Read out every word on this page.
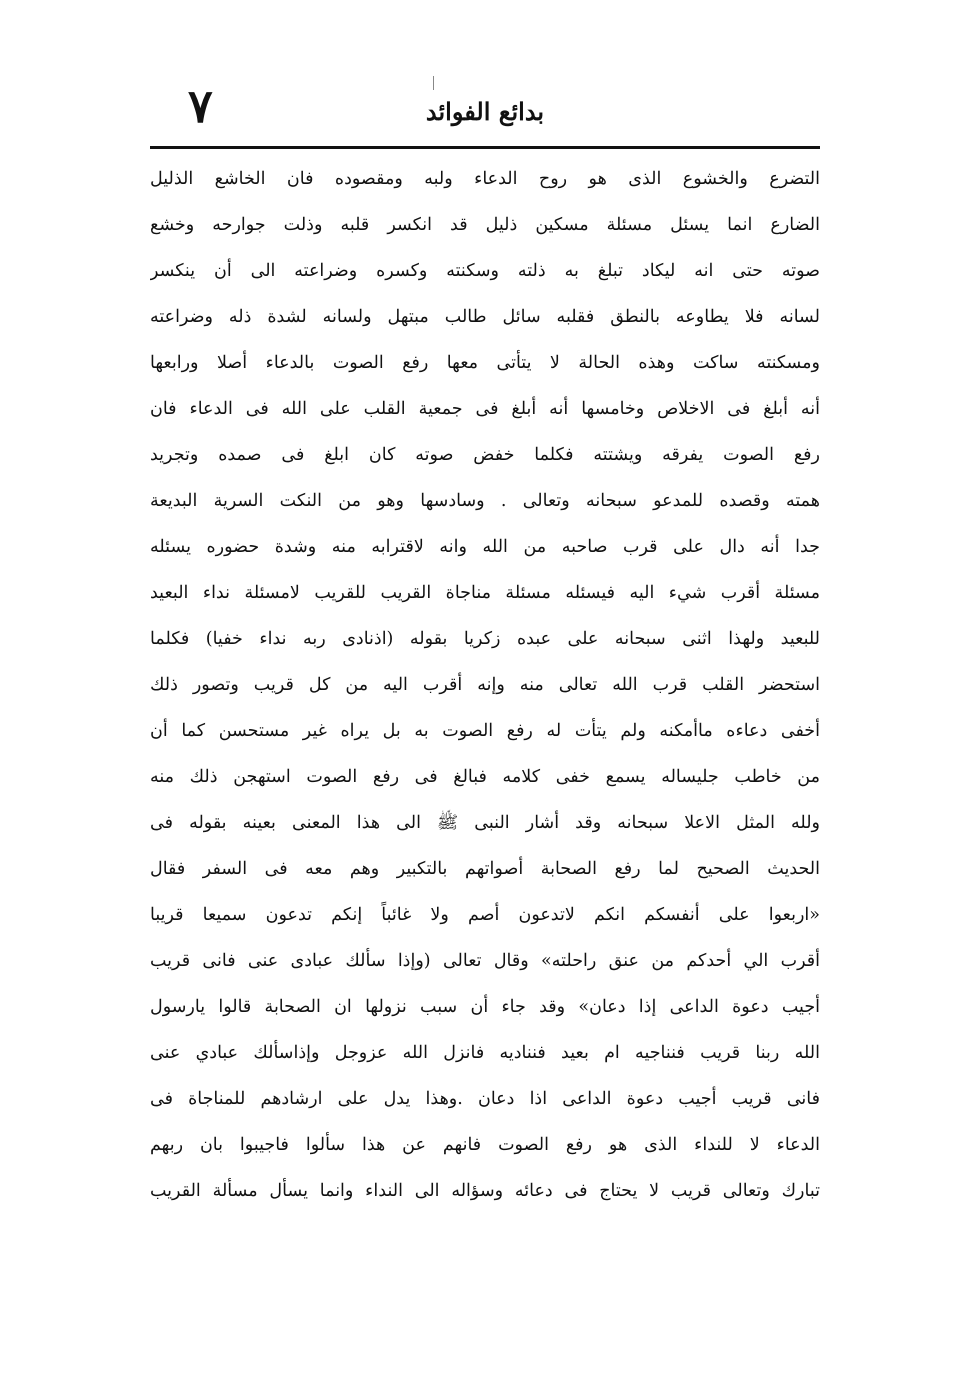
٧	بدائع الفوائد
التضرع والخشوع الذى هو روح الدعاء ولبه ومقصوده فان الخاشع الذليل
الضارع انما يسئل مسئلة مسكين ذليل قد انكسر قلبه وذلت جوارحه وخشع
صوته حتى انه ليكاد تبلغ به ذلته وسكنته وكسره وضراعته الى أن ينكسر
لسانه فلا يطاوعه بالنطق فقلبه سائل طالب مبتهل ولسانه لشدة ذله وضراعته
ومسكنته ساكت وهذه الحالة لا يتأتى معها رفع الصوت بالدعاء أصلا ورابعها
أنه أبلغ فى الاخلاص وخامسها أنه أبلغ فى جمعية القلب على الله فى الدعاء فان
رفع الصوت يفرقه ويشتته فكلما خفض صوته كان ابلغ فى صمده وتجريد
همته وقصده للمدعو سبحانه وتعالى . وسادسها وهو من النكت السرية البديعة
جدا أنه دال على قرب صاحبه من الله وانه لاقترابه منه وشدة حضوره يسئله
مسئلة أقرب شيء اليه فيسئله مسئلة مناجاة القريب للقريب لامسئلة نداء البعيد
للبعيد ولهذا اثنى سبحانه على عبده زكريا بقوله (اذنادى ربه نداء خفيا) فكلما
استحضر القلب قرب الله تعالى منه وإنه أقرب اليه من كل قريب وتصور ذلك
أخفى دعاءه ماأمكنه ولم يتأت له رفع الصوت به بل يراه غير مستحسن كما أن
من خاطب جليساله يسمع خفى كلامه فبالغ فى رفع الصوت استهجن ذلك منه
ولله المثل الاعلا سبحانه وقد أشار النبى ﷺ الى هذا المعنى بعينه بقوله فى
الحديث الصحيح لما رفع الصحابة أصواتهم بالتكبير وهم معه فى السفر فقال
«اربعوا على أنفسكم انكم لاتدعون أصم ولا غائباً إنكم تدعون سميعا قريبا
أقرب الي أحدكم من عنق راحلته» وقال تعالى (وإذا سألك عبادى عنى فانى قريب
أجيب دعوة الداعى إذا دعان» وقد جاء أن سبب نزولها ان الصحابة قالوا يارسول
الله ربنا قريب فنناجيه ام بعيد فنناديه فانزل الله عزوجل وإذاسألك عبادي عنى
فانى قريب أجيب دعوة الداعى اذا دعان .وهذا يدل على ارشادهم للمناجاة فى
الدعاء لا للنداء الذى هو رفع الصوت فانهم عن هذا سألوا فاجيبوا بان ربهم
تبارك وتعالى قريب لا يحتاج فى دعائه وسؤاله الى النداء وانما يسأل مسألة القريب
